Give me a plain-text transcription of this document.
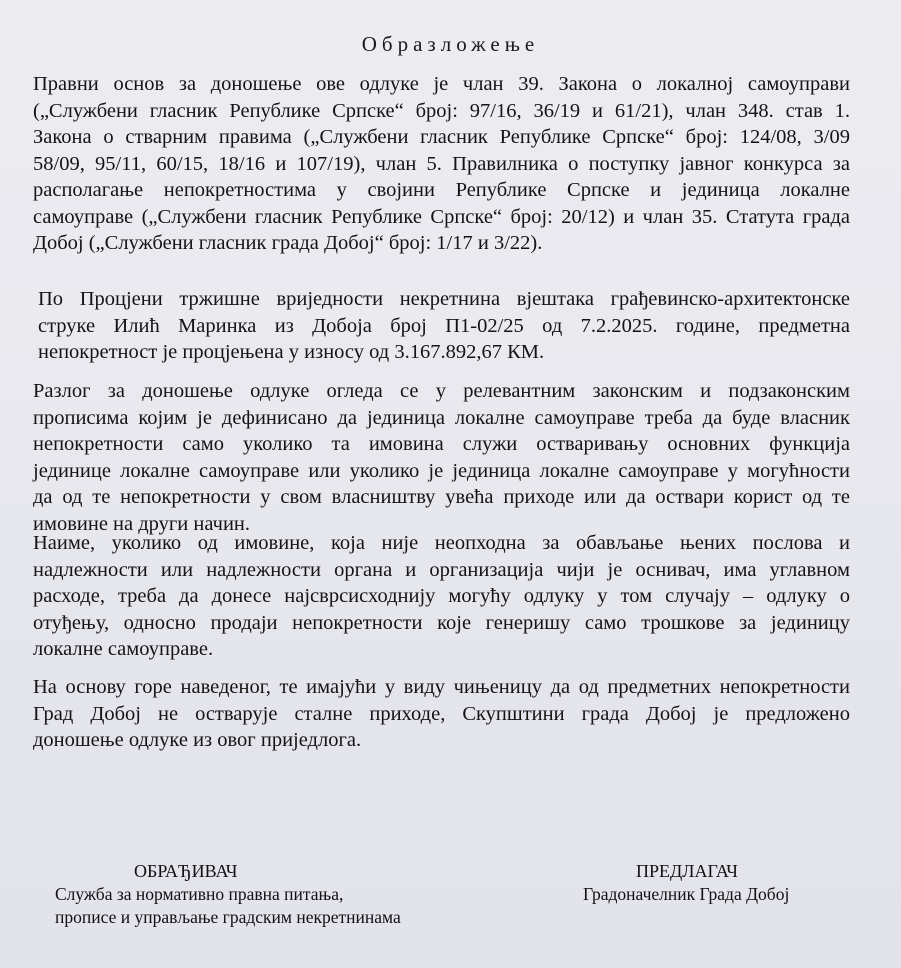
Образложење
Правни основ за доношење ове одлуке је члан 39. Закона о локалној самоуправи
(„Службени гласник Републике Српске“ број: 97/16, 36/19 и 61/21), члан 348. став 1.
Закона о стварним правима („Службени гласник Републике Српске“ број: 124/08, 3/09
58/09, 95/11, 60/15, 18/16 и 107/19), члан 5. Правилника о поступку јавног конкурса за
располагање непокретностима у својини Републике Српске и јединица локалне
самоуправе („Службени гласник Републике Српске“ број: 20/12) и члан 35. Статута града
Добој („Службени гласник града Добој“ број: 1/17 и 3/22).
По Процјени тржишне вриједности некретнина вјештака грађевинско-архитектонске
струке Илић Маринка из Добоја број П1-02/25 од 7.2.2025. године, предметна
непокретност је процјењена у износу од 3.167.892,67 КМ.
Разлог за доношење одлуке огледа се у релевантним законским и подзаконским
прописима којим је дефинисано да јединица локалне самоуправе треба да буде власник
непокретности само уколико та имовина служи остваривању основних функција
јединице локалне самоуправе или уколико је јединица локалне самоуправе у могућности
да од те непокретности у свом власништву увећа приходе или да оствари корист од те
имовине на други начин.
Наиме, уколико од имовине, која није неопходна за обављање њених послова и
надлежности или надлежности органа и организација чији је оснивач, има углавном
расходе, треба да донесе најсврсисходнију могућу одлуку у том случају – одлуку о
отуђењу, односно продаји непокретности које генеришу само трошкове за јединицу
локалне самоуправе.
На основу горе наведеног, те имајући у виду чињеницу да од предметних непокретности
Град Добој не остварује сталне приходе, Скупштини града Добој је предложено
доношење одлуке из овог приједлога.
ОБРАЂИВАЧ
Служба за нормативно правна питања,
прописе и управљање градским некретнинама
ПРЕДЛАГАЧ
Градоначелник Града Добој
